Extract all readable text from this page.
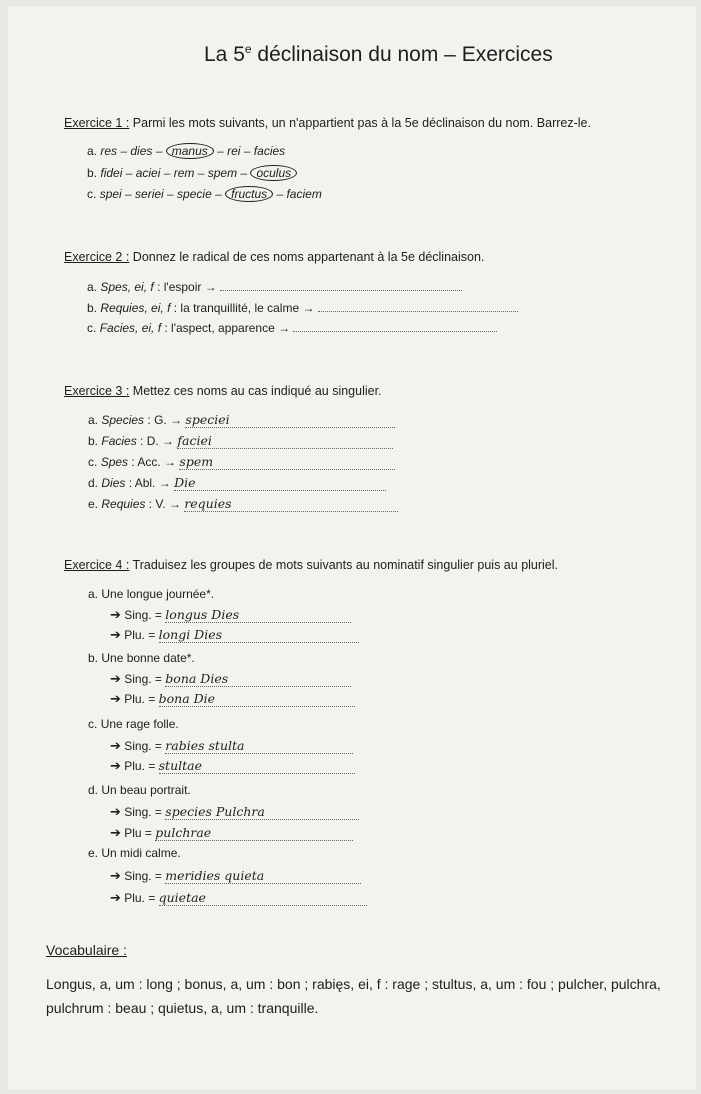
La 5e déclinaison du nom – Exercices
Exercice 1 : Parmi les mots suivants, un n'appartient pas à la 5e déclinaison du nom. Barrez-le.
a. res – dies – manus – rei – facies
b. fidei – aciei – rem – spem – oculus
c. spei – seriei – specie – fructus – faciem
Exercice 2 : Donnez le radical de ces noms appartenant à la 5e déclinaison.
a. Spes, ei, f : l'espoir →
b. Requies, ei, f : la tranquillité, le calme →
c. Facies, ei, f : l'aspect, apparence →
Exercice 3 : Mettez ces noms au cas indiqué au singulier.
a. Species : G. → speciei
b. Facies : D. → faciei
c. Spes : Acc. → spem
d. Dies : Abl. → Die
e. Requies : V. → requies
Exercice 4 : Traduisez les groupes de mots suivants au nominatif singulier puis au pluriel.
a. Une longue journée*.
➔ Sing. = longus Dies
➔ Plu. = longi Dies
b. Une bonne date*.
➔ Sing. = bona Dies
➔ Plu. = bona Die
c. Une rage folle.
➔ Sing. = rabies stulta
➔ Plu. = stultae
d. Un beau portrait.
➔ Sing. = species Pulchra
➔ Plu = pulchrae
e. Un midi calme.
➔ Sing. = meridies quieta
➔ Plu. = quietae
Vocabulaire :
Longus, a, um : long ; bonus, a, um : bon ; rabięs, ei, f : rage ; stultus, a, um : fou ; pulcher, pulchra, pulchrum : beau ; quietus, a, um : tranquille.
